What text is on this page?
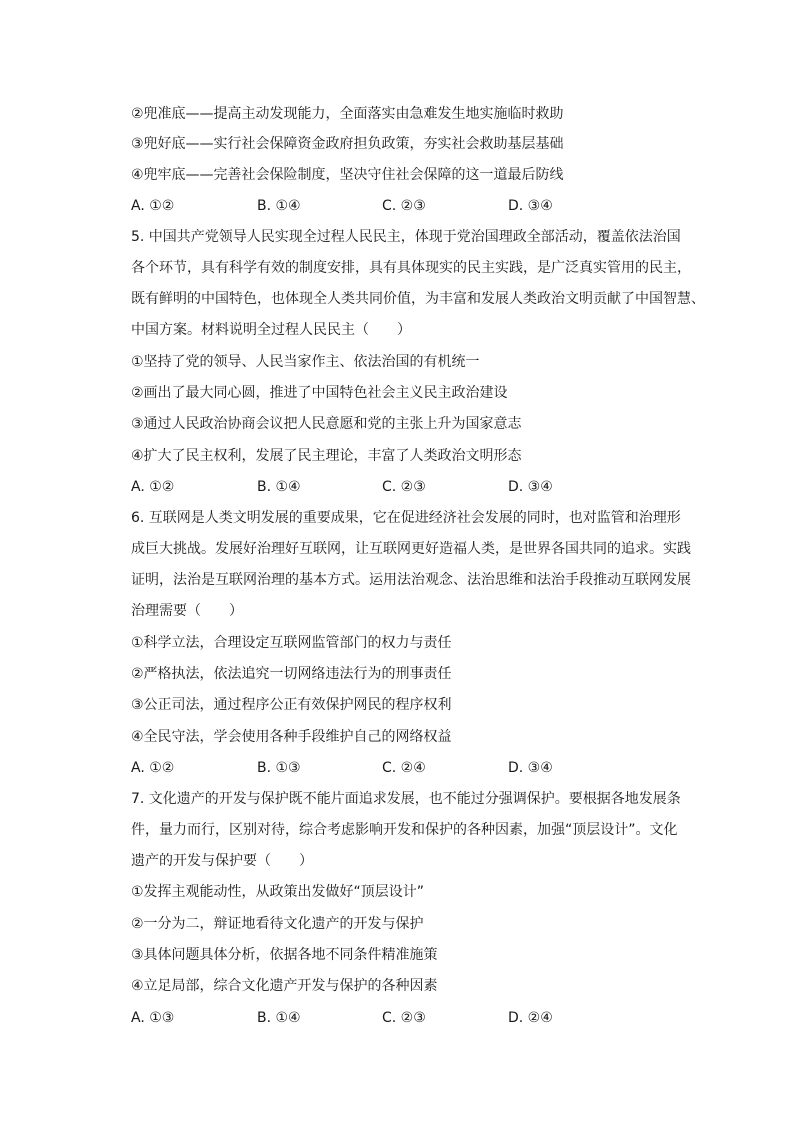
②兜准底——提高主动发现能力，全面落实由急难发生地实施临时救助
③兜好底——实行社会保障资金政府担负政策，夯实社会救助基层基础
④兜牢底——完善社会保险制度，坚决守住社会保障的这一道最后防线
A. ①②	B. ①④	C. ②③	D. ③④
5. 中国共产党领导人民实现全过程人民民主，体现于党治国理政全部活动，覆盖依法治国
各个环节，具有科学有效的制度安排，具有具体现实的民主实践，是广泛真实管用的民主，
既有鲜明的中国特色，也体现全人类共同价值，为丰富和发展人类政治文明贡献了中国智慧、
中国方案。材料说明全过程人民民主（　　）
①坚持了党的领导、人民当家作主、依法治国的有机统一
②画出了最大同心圆，推进了中国特色社会主义民主政治建设
③通过人民政治协商会议把人民意愿和党的主张上升为国家意志
④扩大了民主权利，发展了民主理论，丰富了人类政治文明形态
A. ①②	B. ①④	C. ②③	D. ③④
6. 互联网是人类文明发展的重要成果，它在促进经济社会发展的同时，也对监管和治理形
成巨大挑战。发展好治理好互联网，让互联网更好造福人类，是世界各国共同的追求。实践
证明，法治是互联网治理的基本方式。运用法治观念、法治思维和法治手段推动互联网发展
治理需要（　　）
①科学立法，合理设定互联网监管部门的权力与责任
②严格执法，依法追究一切网络违法行为的刑事责任
③公正司法，通过程序公正有效保护网民的程序权利
④全民守法，学会使用各种手段维护自己的网络权益
A. ①②	B. ①③	C. ②④	D. ③④
7. 文化遗产的开发与保护既不能片面追求发展，也不能过分强调保护。要根据各地发展条
件，量力而行，区别对待，综合考虑影响开发和保护的各种因素，加强“顶层设计”。文化
遗产的开发与保护要（　　）
①发挥主观能动性，从政策出发做好“顶层设计”
②一分为二，辩证地看待文化遗产的开发与保护
③具体问题具体分析，依据各地不同条件精准施策
④立足局部，综合文化遗产开发与保护的各种因素
A. ①③	B. ①④	C. ②③	D. ②④
